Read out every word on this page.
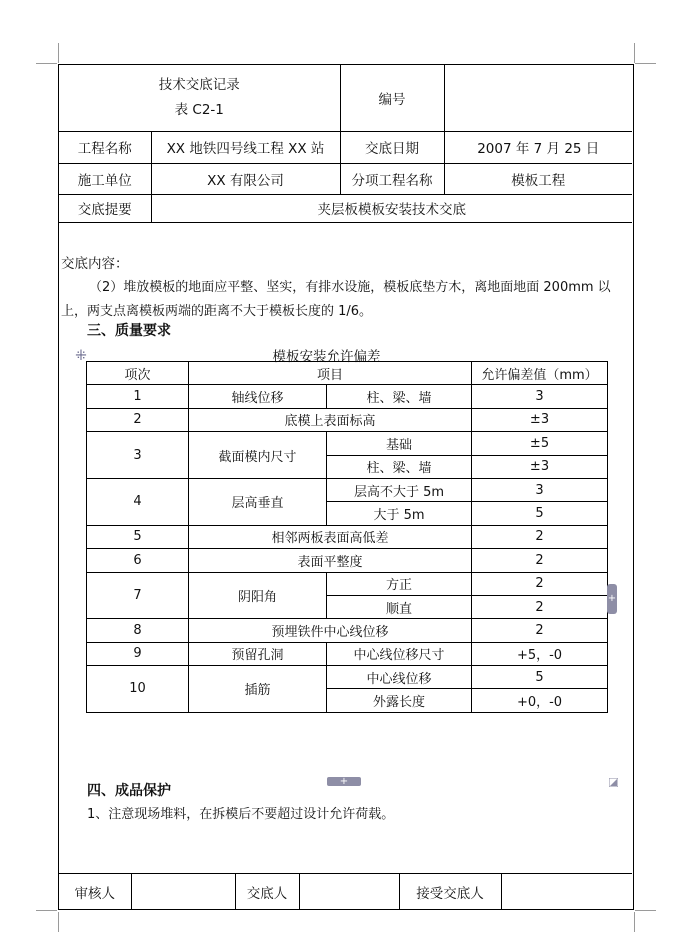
技术交底记录
表 C2-1		编号	
工程名称	XX 地铁四号线工程 XX 站	交底日期	2007 年 7 月 25 日
施工单位	XX 有限公司	分项工程名称	模板工程
交底提要	夹层板模板安装技术交底		
交底内容：
（2）堆放模板的地面应平整、坚实，有排水设施，模板底垫方木，离地面地面 200mm 以上，两支点离模板两端的距离不大于模板长度的 1/6。
三、质量要求
模板安装允许偏差
⁜
项次	项目		允许偏差值（mm）
1	轴线位移	柱、梁、墙	3
2	底模上表面标高		±3
3	截面模内尺寸	基础	±5
		柱、梁、墙	±3
4	层高垂直	层高不大于 5m	3
		大于 5m	5
5	相邻两板表面高低差		2
6	表面平整度		2
7	阴阳角	方正	2
		顺直	2
8	预埋铁件中心线位移		2
9	预留孔洞	中心线位移尺寸	+5，-0
10	插筋	中心线位移	5
		外露长度	+0，-0
+
+
四、成品保护
1、注意现场堆料，在拆模后不要超过设计允许荷载。
审核人		交底人		接受交底人	
